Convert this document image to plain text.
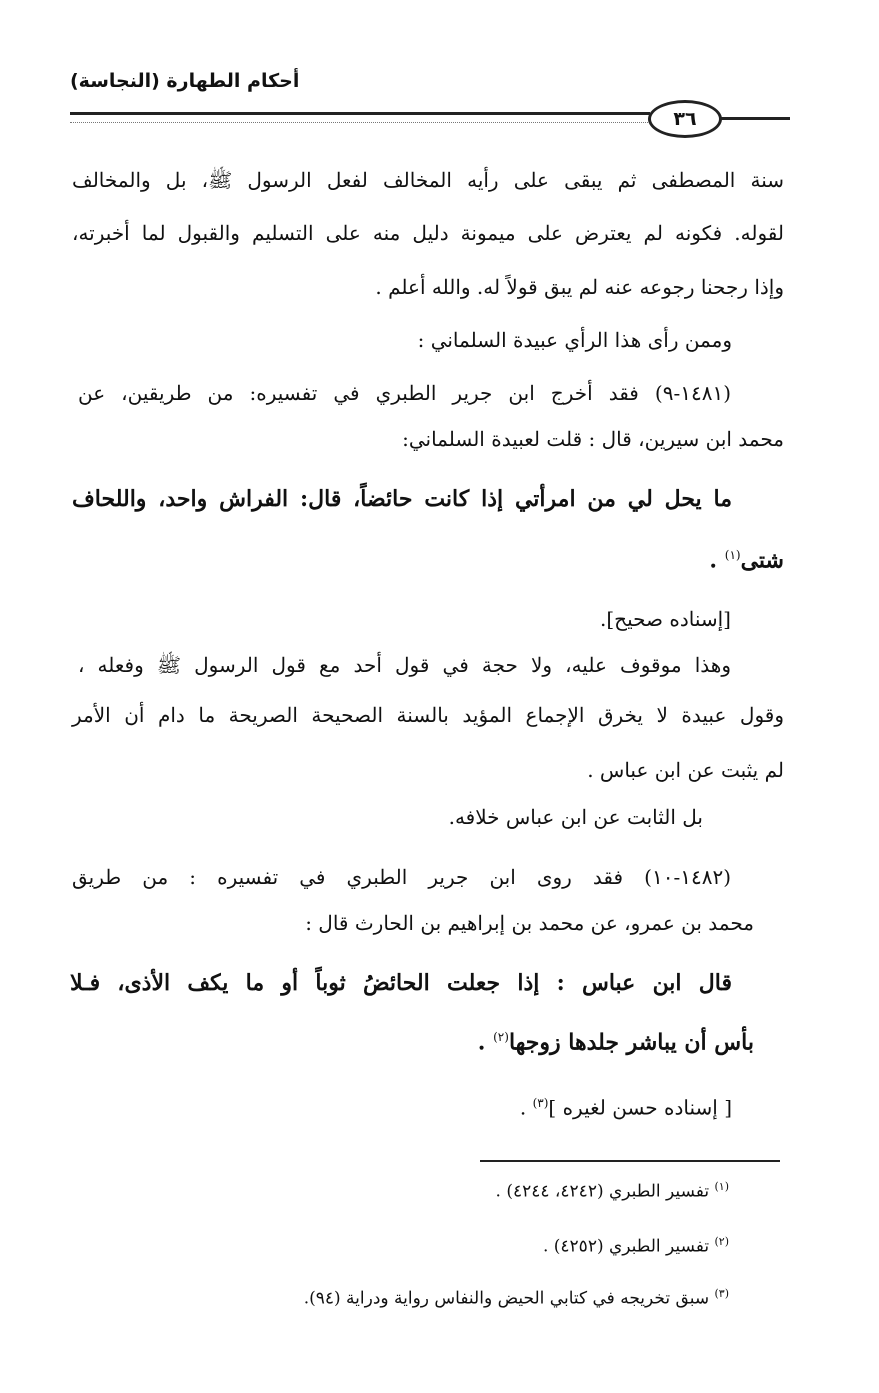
أحكام الطهارة (النجاسة)
٣٦
سنة المصطفى ثم يبقى على رأيه المخالف لفعل الرسول ﷺ، بل والمخالف
لقوله. فكونه لم يعترض على ميمونة دليل منه على التسليم والقبول لما أخبرته،
وإذا رجحنا رجوعه عنه لم يبق قولاً له. والله أعلم .
وممن رأى هذا الرأي عبيدة السلماني :
(١٤٨١-٩) فقد أخرج ابن جرير الطبري في تفسيره: من طريقين، عن
محمد ابن سيرين، قال : قلت لعبيدة السلماني:
ما يحل لي من امرأتي إذا كانت حائضاً، قال: الفراش واحد، واللحاف
شتى$^{(١)}$ .
[إسناده صحيح].
وهذا موقوف عليه، ولا حجة في قول أحد مع قول الرسول ﷺ وفعله ،
وقول عبيدة لا يخرق الإجماع المؤيد بالسنة الصحيحة الصريحة ما دام أن الأمر
لم يثبت عن ابن عباس .
بل الثابت عن ابن عباس خلافه.
(١٤٨٢-١٠) فقد روى ابن جرير الطبري في تفسيره : من طريق
محمد بن عمرو، عن محمد بن إبراهيم بن الحارث قال :
قال ابن عباس : إذا جعلت الحائضُ ثوباً أو ما يكف الأذى، فـلا
بأس أن يباشر جلدها زوجها$^{(٢)}$ .
[ إسناده حسن لغيره ]$^{(٣)}$ .
$^{(١)}$ تفسير الطبري (٤٢٤٢، ٤٢٤٤) .
$^{(٢)}$ تفسير الطبري (٤٢٥٢) .
$^{(٣)}$ سبق تخريجه في كتابي الحيض والنفاس رواية ودراية (٩٤).
